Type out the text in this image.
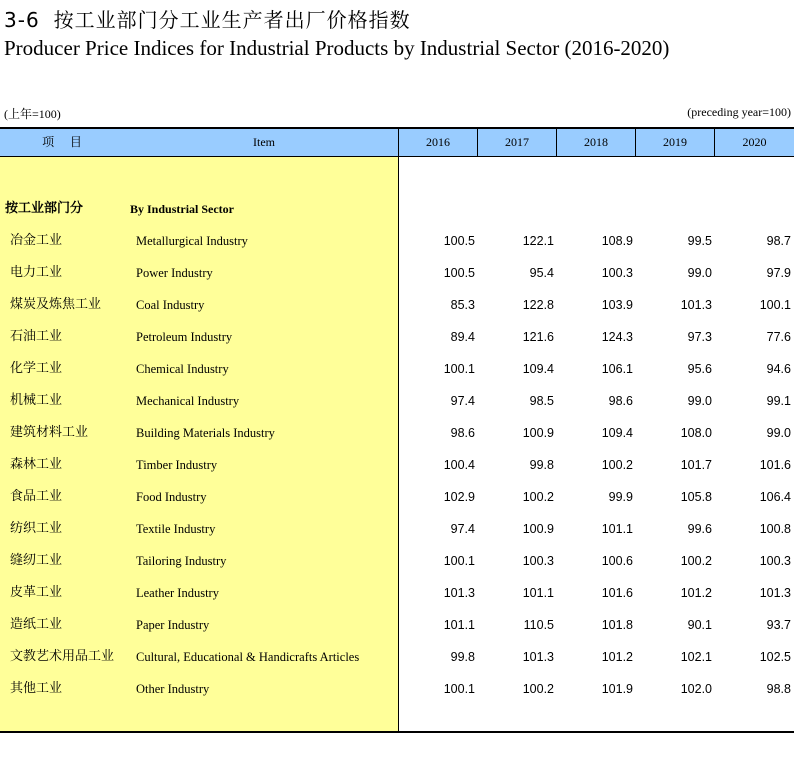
3-6 按工业部门分工业生产者出厂价格指数
Producer Price Indices for Industrial Products by Industrial Sector (2016-2020)
(上年=100)	(preceding year=100)
项 目	Item	2016	2017	2018	2019	2020
按工业部门分	By Industrial Sector
冶金工业	Metallurgical Industry	100.5	122.1	108.9	99.5	98.7
电力工业	Power Industry	100.5	95.4	100.3	99.0	97.9
煤炭及炼焦工业	Coal Industry	85.3	122.8	103.9	101.3	100.1
石油工业	Petroleum Industry	89.4	121.6	124.3	97.3	77.6
化学工业	Chemical Industry	100.1	109.4	106.1	95.6	94.6
机械工业	Mechanical Industry	97.4	98.5	98.6	99.0	99.1
建筑材料工业	Building Materials Industry	98.6	100.9	109.4	108.0	99.0
森林工业	Timber Industry	100.4	99.8	100.2	101.7	101.6
食品工业	Food Industry	102.9	100.2	99.9	105.8	106.4
纺织工业	Textile Industry	97.4	100.9	101.1	99.6	100.8
缝纫工业	Tailoring Industry	100.1	100.3	100.6	100.2	100.3
皮革工业	Leather Industry	101.3	101.1	101.6	101.2	101.3
造纸工业	Paper Industry	101.1	110.5	101.8	90.1	93.7
文教艺术用品工业	Cultural, Educational & Handicrafts Articles	99.8	101.3	101.2	102.1	102.5
其他工业	Other Industry	100.1	100.2	101.9	102.0	98.8
